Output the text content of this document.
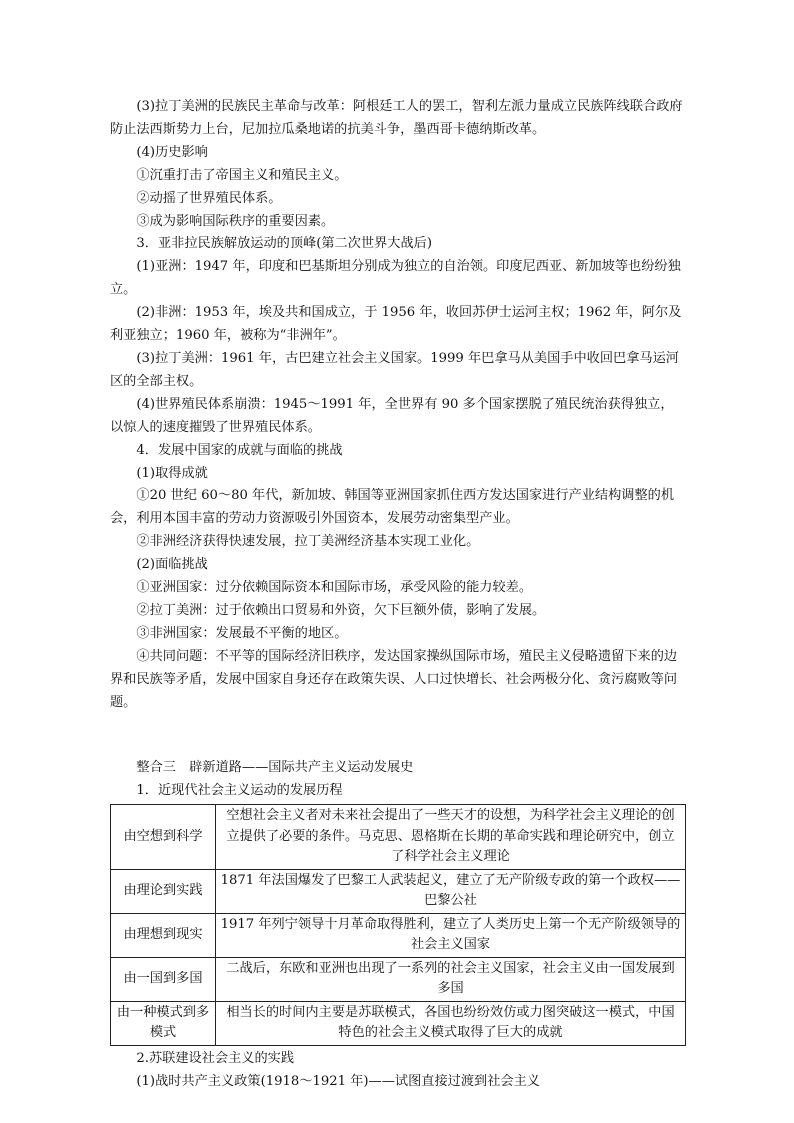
(3)拉丁美洲的民族民主革命与改革：阿根廷工人的罢工，智利左派力量成立民族阵线联合政府防止法西斯势力上台，尼加拉瓜桑地诺的抗美斗争，墨西哥卡德纳斯改革。

(4)历史影响

①沉重打击了帝国主义和殖民主义。

②动摇了世界殖民体系。

③成为影响国际秩序的重要因素。

3．亚非拉民族解放运动的顶峰(第二次世界大战后)

(1)亚洲：1947 年，印度和巴基斯坦分别成为独立的自治领。印度尼西亚、新加坡等也纷纷独立。

(2)非洲：1953 年，埃及共和国成立，于 1956 年，收回苏伊士运河主权；1962 年，阿尔及利亚独立；1960 年，被称为“非洲年”。

(3)拉丁美洲：1961 年，古巴建立社会主义国家。1999 年巴拿马从美国手中收回巴拿马运河区的全部主权。

(4)世界殖民体系崩溃：1945～1991 年，全世界有 90 多个国家摆脱了殖民统治获得独立，以惊人的速度摧毁了世界殖民体系。

4．发展中国家的成就与面临的挑战

(1)取得成就

①20 世纪 60～80 年代，新加坡、韩国等亚洲国家抓住西方发达国家进行产业结构调整的机会，利用本国丰富的劳动力资源吸引外国资本，发展劳动密集型产业。

②非洲经济获得快速发展，拉丁美洲经济基本实现工业化。

(2)面临挑战

①亚洲国家：过分依赖国际资本和国际市场，承受风险的能力较差。

②拉丁美洲：过于依赖出口贸易和外资，欠下巨额外债，影响了发展。

③非洲国家：发展最不平衡的地区。

④共同问题：不平等的国际经济旧秩序，发达国家操纵国际市场，殖民主义侵略遗留下来的边界和民族等矛盾，发展中国家自身还存在政策失误、人口过快增长、社会两极分化、贪污腐败等问题。

整合三　辟新道路——国际共产主义运动发展史

1．近现代社会主义运动的发展历程

由空想到科学	空想社会主义者对未来社会提出了一些天才的设想，为科学社会主义理论的创立提供了必要的条件。马克思、恩格斯在长期的革命实践和理论研究中，创立了科学社会主义理论
由理论到实践	1871 年法国爆发了巴黎工人武装起义，建立了无产阶级专政的第一个政权——巴黎公社
由理想到现实	1917 年列宁领导十月革命取得胜利，建立了人类历史上第一个无产阶级领导的社会主义国家
由一国到多国	二战后，东欧和亚洲也出现了一系列的社会主义国家，社会主义由一国发展到多国
由一种模式到多模式	相当长的时间内主要是苏联模式，各国也纷纷效仿或力图突破这一模式，中国特色的社会主义模式取得了巨大的成就

2.苏联建设社会主义的实践

(1)战时共产主义政策(1918～1921 年)——试图直接过渡到社会主义
